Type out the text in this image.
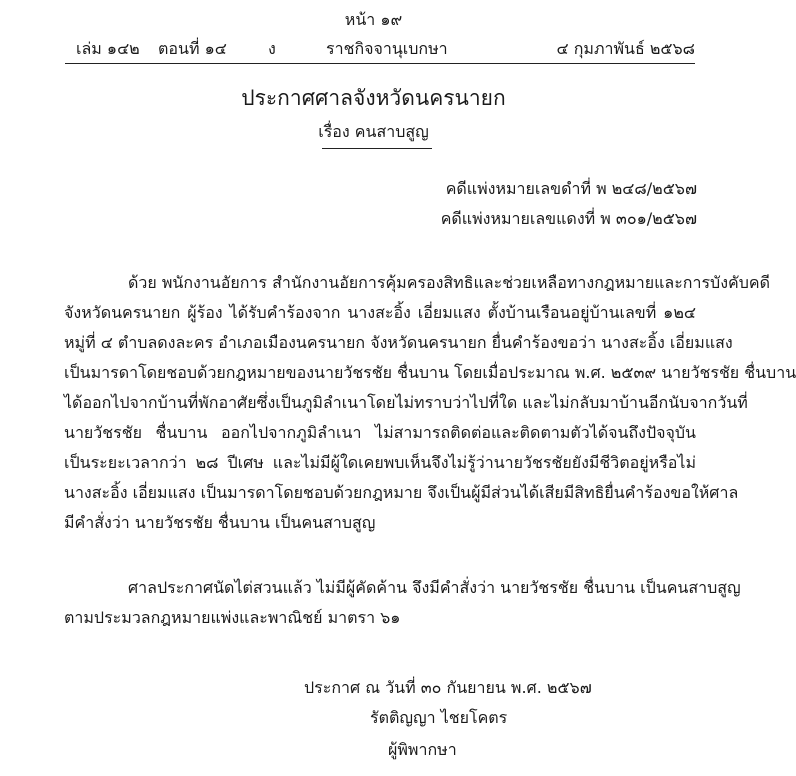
หน้า ๑๙
เล่ม ๑๔๒ ตอนที่ ๑๔	ง	ราชกิจจานุเบกษา	๔ กุมภาพันธ์ ๒๕๖๘
ประกาศศาลจังหวัดนครนายก
เรื่อง คนสาบสูญ
คดีแพ่งหมายเลขดำที่ พ ๒๔๘/๒๕๖๗
คดีแพ่งหมายเลขแดงที่ พ ๓๐๑/๒๕๖๗
ด้วย พนักงานอัยการ สำนักงานอัยการคุ้มครองสิทธิและช่วยเหลือทางกฎหมายและการบังคับคดี
จังหวัดนครนายก ผู้ร้อง ได้รับคำร้องจาก นางสะอิ้ง เอี่ยมแสง ตั้งบ้านเรือนอยู่บ้านเลขที่ ๑๒๔
หมู่ที่ ๔ ตำบลดงละคร อำเภอเมืองนครนายก จังหวัดนครนายก ยื่นคำร้องขอว่า นางสะอิ้ง เอี่ยมแสง
เป็นมารดาโดยชอบด้วยกฎหมายของนายวัชรชัย ชื่นบาน โดยเมื่อประมาณ พ.ศ. ๒๕๓๙ นายวัชรชัย ชื่นบาน
ได้ออกไปจากบ้านที่พักอาศัยซึ่งเป็นภูมิลำเนาโดยไม่ทราบว่าไปที่ใด และไม่กลับมาบ้านอีกนับจากวันที่
นายวัชรชัย ชื่นบาน ออกไปจากภูมิลำเนา ไม่สามารถติดต่อและติดตามตัวได้จนถึงปัจจุบัน
เป็นระยะเวลากว่า ๒๘ ปีเศษ และไม่มีผู้ใดเคยพบเห็นจึงไม่รู้ว่านายวัชรชัยยังมีชีวิตอยู่หรือไม่
นางสะอิ้ง เอี่ยมแสง เป็นมารดาโดยชอบด้วยกฎหมาย จึงเป็นผู้มีส่วนได้เสียมีสิทธิยื่นคำร้องขอให้ศาล
มีคำสั่งว่า นายวัชรชัย ชื่นบาน เป็นคนสาบสูญ
ศาลประกาศนัดไต่สวนแล้ว ไม่มีผู้คัดค้าน จึงมีคำสั่งว่า นายวัชรชัย ชื่นบาน เป็นคนสาบสูญ
ตามประมวลกฎหมายแพ่งและพาณิชย์ มาตรา ๖๑
ประกาศ ณ วันที่ ๓๐ กันยายน พ.ศ. ๒๕๖๗
รัตติญญา ไชยโคตร
ผู้พิพากษา
